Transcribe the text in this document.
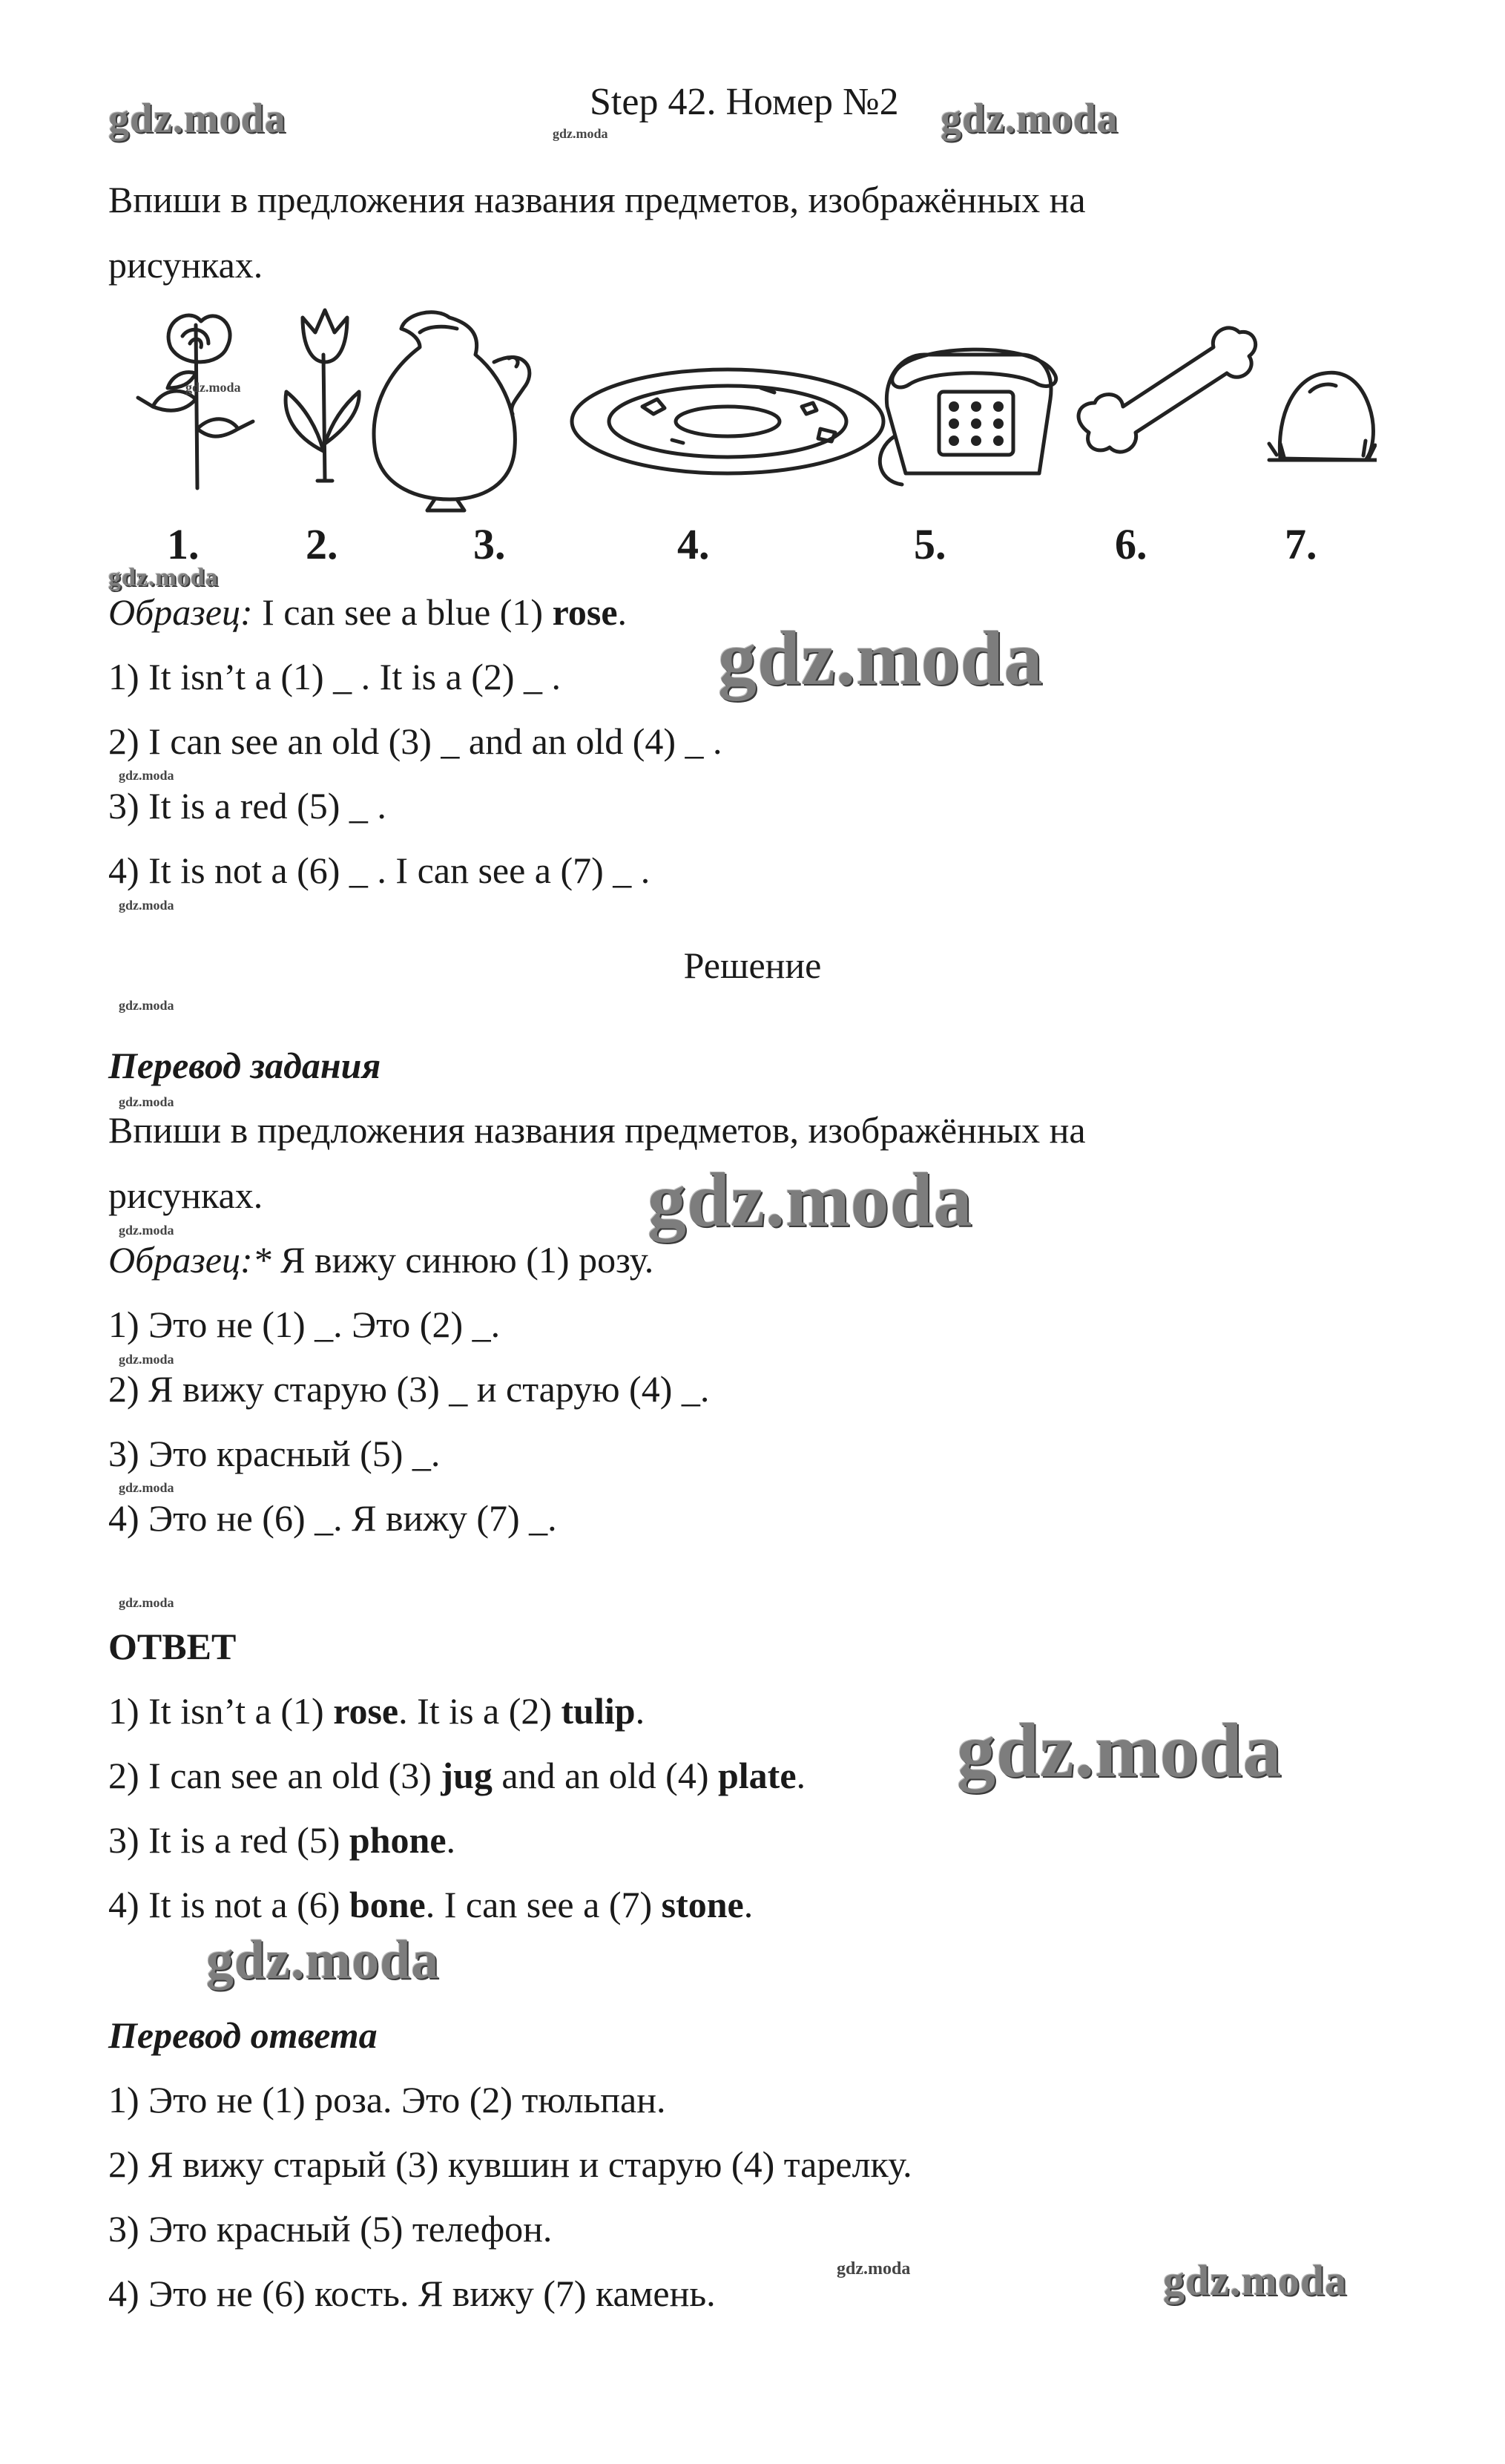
gdz.moda	Step 42. Номер №2 gdz.moda
gdz.moda
Впиши в предложения названия предметов, изображённых на
рисунках.
1. 2.	3.	4.	5.	6.	7.
gdz.moda
gdz.moda
Образец: I can see a blue (1) rose.
gdz.moda
1) It isn’t a (1) _ . It is a (2) _ .
2) I can see an old (3) _ and an old (4) _ .
gdz.moda
3) It is a red (5) _ .
4) It is not a (6) _ . I can see a (7) _ .
gdz.moda
Решение
gdz.moda
Перевод задания
gdz.moda
Впиши в предложения названия предметов, изображённых на
рисунках.	gdz.moda
gdz.moda
Образец:* Я вижу синюю (1) розу.
1) Это не (1) _. Это (2) _.
gdz.moda
2) Я вижу старую (3) _ и старую (4) _.
3) Это красный (5) _.
gdz.moda
4) Это не (6) _. Я вижу (7) _.
gdz.moda
ОТВЕТ
1) It isn’t a (1) rose. It is a (2) tulip.
2) I can see an old (3) jug and an old (4) plate. gdz.moda
3) It is a red (5) phone.
4) It is not a (6) bone. I can see a (7) stone.
gdz.moda
Перевод ответа
1) Это не (1) роза. Это (2) тюльпан.
2) Я вижу старый (3) кувшин и старую (4) тарелку.
3) Это красный (5) телефон.
4) Это не (6) кость. Я вижу (7) камень.
gdz.moda	gdz.moda
